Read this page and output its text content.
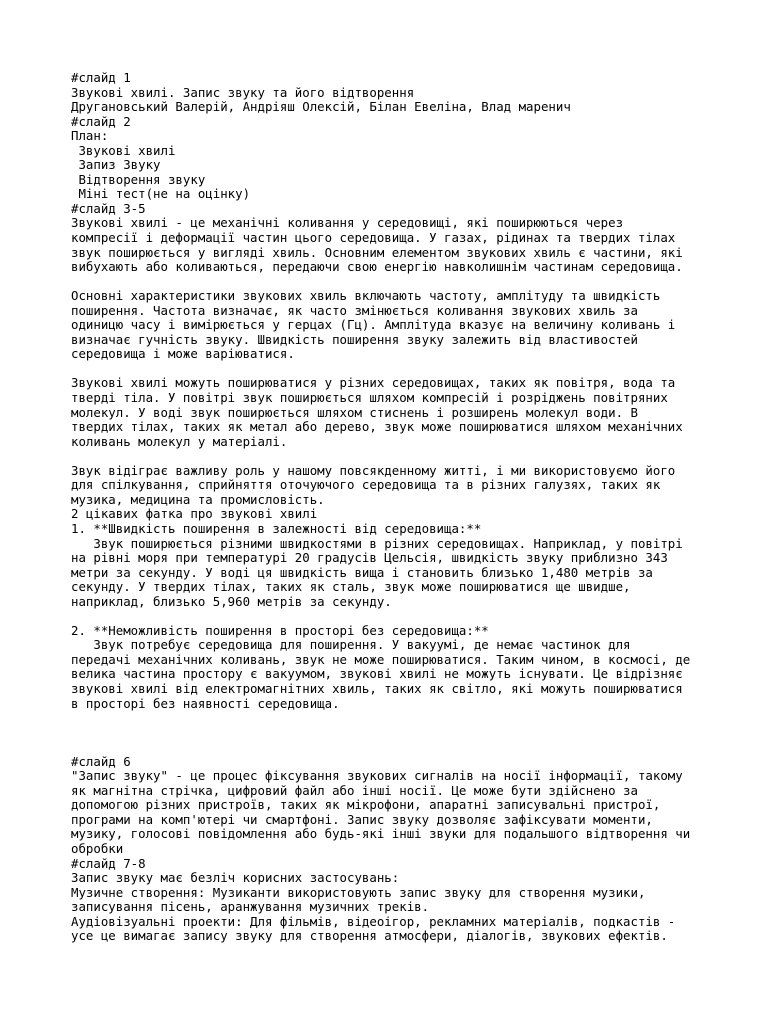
#слайд 1
Звукові хвилі. Запис звуку та його відтворення
Другановський Валерій, Андріяш Олексій, Білан Евеліна, Влад маренич
#слайд 2
План:
Звукові хвилі
Запиз Звуку
Відтворення звуку
Міні тест(не на оцінку)
#слайд 3-5
Звукові хвилі - це механічні коливання у середовищі, які поширюються через
компресії і деформації частин цього середовища. У газах, рідинах та твердих тілах
звук поширюється у вигляді хвиль. Основним елементом звукових хвиль є частини, які
вибухають або коливаються, передаючи свою енергію навколишнім частинам середовища.
Основні характеристики звукових хвиль включають частоту, амплітуду та швидкість
поширення. Частота визначає, як часто змінюється коливання звукових хвиль за
одиницю часу і вимірюється у герцах (Гц). Амплітуда вказує на величину коливань і
визначає гучність звуку. Швидкість поширення звуку залежить від властивостей
середовища і може варіюватися.
Звукові хвилі можуть поширюватися у різних середовищах, таких як повітря, вода та
тверді тіла. У повітрі звук поширюється шляхом компресій і розріджень повітряних
молекул. У воді звук поширюється шляхом стиснень і розширень молекул води. В
твердих тілах, таких як метал або дерево, звук може поширюватися шляхом механічних
коливань молекул у матеріалі.
Звук відіграє важливу роль у нашому повсякденному житті, і ми використовуємо його
для спілкування, сприйняття оточуючого середовища та в різних галузях, таких як
музика, медицина та промисловість.
2 цікавих фатка про звукові хвилі
1. **Швидкість поширення в залежності від середовища:**
Звук поширюється різними швидкостями в різних середовищах. Наприклад, у повітрі
на рівні моря при температурі 20 градусів Цельсія, швидкість звуку приблизно 343
метри за секунду. У воді ця швидкість вища і становить близько 1,480 метрів за
секунду. У твердих тілах, таких як сталь, звук може поширюватися ще швидше,
наприклад, близько 5,960 метрів за секунду.
2. **Неможливість поширення в просторі без середовища:**
Звук потребує середовища для поширення. У вакуумі, де немає частинок для
передачі механічних коливань, звук не може поширюватися. Таким чином, в космосі, де
велика частина простору є вакуумом, звукові хвилі не можуть існувати. Це відрізняє
звукові хвилі від електромагнітних хвиль, таких як світло, які можуть поширюватися
в просторі без наявності середовища.
#слайд 6
"Запис звуку" - це процес фіксування звукових сигналів на носії інформації, такому
як магнітна стрічка, цифровий файл або інші носії. Це може бути здійснено за
допомогою різних пристроїв, таких як мікрофони, апаратні записувальні пристрої,
програми на комп'ютері чи смартфоні. Запис звуку дозволяє зафіксувати моменти,
музику, голосові повідомлення або будь-які інші звуки для подальшого відтворення чи
обробки
#слайд 7-8
Запис звуку має безліч корисних застосувань:
Музичне створення: Музиканти використовують запис звуку для створення музики,
записування пісень, аранжування музичних треків.
Аудіовізуальні проекти: Для фільмів, відеоігор, рекламних матеріалів, подкастів -
усе це вимагає запису звуку для створення атмосфери, діалогів, звукових ефектів.
